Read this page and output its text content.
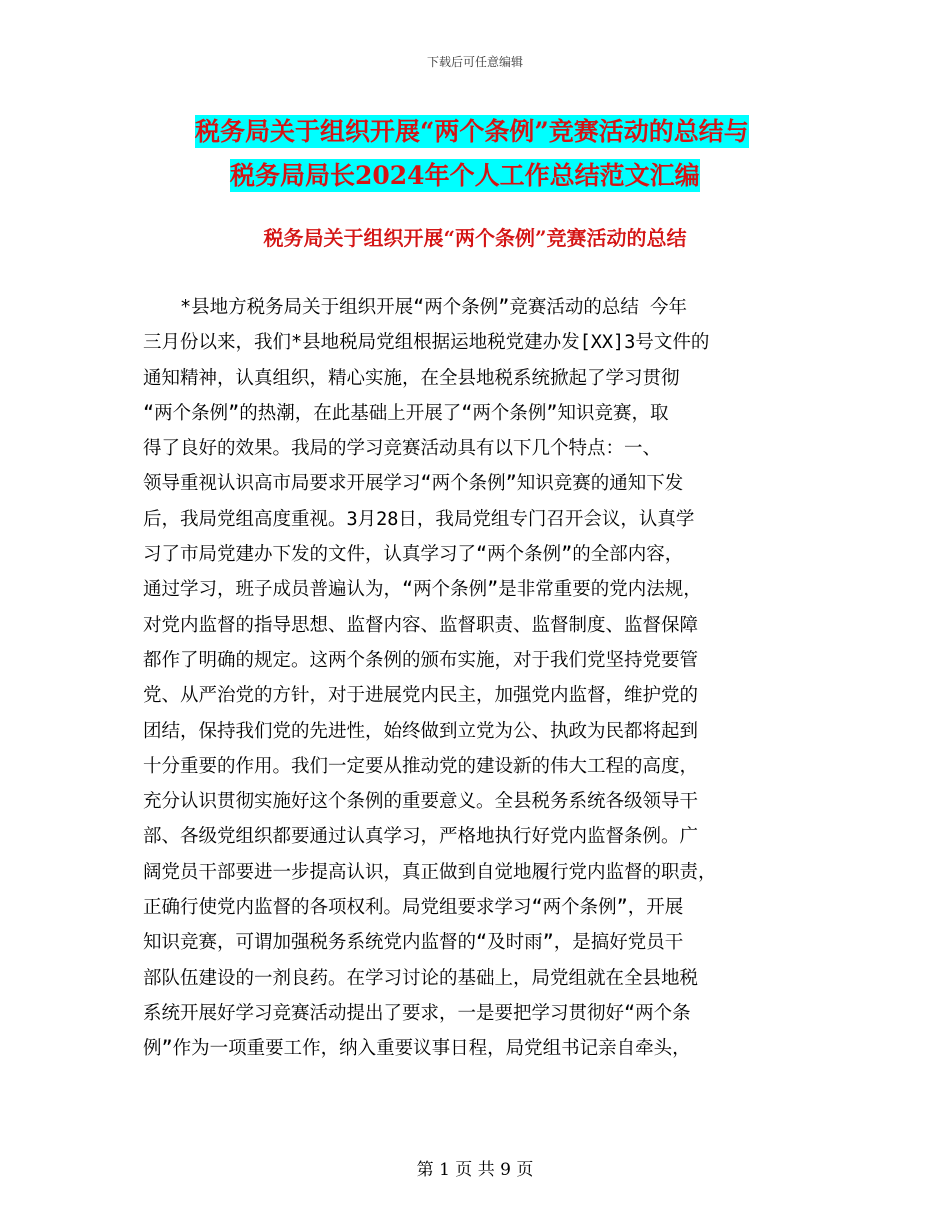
下载后可任意编辑
税务局关于组织开展“两个条例”竞赛活动的总结与
税务局局长2024年个人工作总结范文汇编
税务局关于组织开展“两个条例”竞赛活动的总结
*县地方税务局关于组织开展“两个条例”竞赛活动的总结 今年
三月份以来，我们*县地税局党组根据运地税党建办发[XX]3号文件的
通知精神，认真组织，精心实施，在全县地税系统掀起了学习贯彻
“两个条例”的热潮，在此基础上开展了“两个条例”知识竞赛，取
得了良好的效果。我局的学习竞赛活动具有以下几个特点：一、
领导重视认识高市局要求开展学习“两个条例”知识竞赛的通知下发
后，我局党组高度重视。3月28日，我局党组专门召开会议，认真学
习了市局党建办下发的文件，认真学习了“两个条例”的全部内容，
通过学习，班子成员普遍认为，“两个条例”是非常重要的党内法规，
对党内监督的指导思想、监督内容、监督职责、监督制度、监督保障
都作了明确的规定。这两个条例的颁布实施，对于我们党坚持党要管
党、从严治党的方针，对于进展党内民主，加强党内监督，维护党的
团结，保持我们党的先进性，始终做到立党为公、执政为民都将起到
十分重要的作用。我们一定要从推动党的建设新的伟大工程的高度，
充分认识贯彻实施好这个条例的重要意义。全县税务系统各级领导干
部、各级党组织都要通过认真学习，严格地执行好党内监督条例。广
阔党员干部要进一步提高认识，真正做到自觉地履行党内监督的职责，
正确行使党内监督的各项权利。局党组要求学习“两个条例”，开展
知识竞赛，可谓加强税务系统党内监督的“及时雨”，是搞好党员干
部队伍建设的一剂良药。在学习讨论的基础上，局党组就在全县地税
系统开展好学习竞赛活动提出了要求，一是要把学习贯彻好“两个条
例”作为一项重要工作，纳入重要议事日程，局党组书记亲自牵头，
第 1 页 共 9 页
